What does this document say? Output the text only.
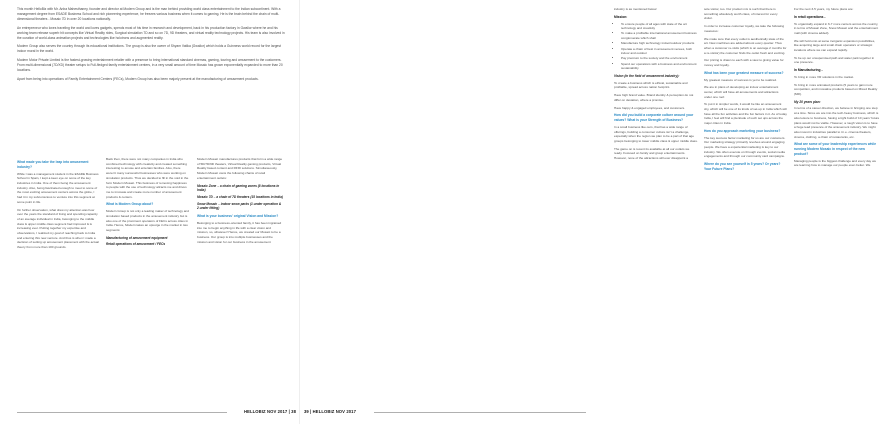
This month HelloBiz with Mr. Anba Mahesthaney, founder and director at Modern Group and is the man behind providing world class entertainment to the Indian subcontinent. With a management degree from ESADE Business School and rich pioneering experience, he freezes various business when it comes to gaming. He is the brain behind the chain of multi-dimensional theaters - Mosaic 7D in over 20 locations nationally.

An entrepreneur who loves traveling the world and loves gadgets, spends most of his time in research and development, back in his production factory in Gwalior where he and his working team release superb hit concepts like Virtual Reality rides, Surgical simulation 7D and so on 7D, 9D theaters, and virtual reality technology projects. His team is also involved in the curation of world-class animation projects and technologies like holotrons and augmented reality.

Modern Group also serves the country through its educational institutions. The group is also the owner of Shyam Vatika (Gwalior) which holds a Guinness world record for the largest indoor mural in the world.

Modern Motor Private Limited is the fastest-growing entertainment retailer with a presence to bring international standard cinemas, gaming, touring and amusement to the customers. From multi-dimensional (7D/XD) theater setups to Full-fledged family entertainment centers, in a very small amount of time Mosaic has grown exponentially expanded to more than 20 locations.

Apart from being into operations of Family Entertainment Centers (FECs), Modern Group has also been majorly present at the manufacturing of amusement products.

What made you take the leap into amusement industry?

While I was a management student in the ESADE Business School in Spain, I kept a keen eye on some of the key industries in India. One of them being the amusement industry. Also, being fascinated enough to meet to some of the most exciting amusement centers across the globe, I had it in my subconscious to venture into this segment at some point in life.

On further observation, what drew my attention was how over the years the standard of living and spending capacity of an average individual in India, belonging to the middle class & upper middle class segment had improved & is increasing ever. Putting together my expertise and observations, I realized my goal of reaching back to India and entering this new venture. And thus is when I made a decision of setting up amusement placement with the actual theory from more than 100 grounds.

Back then, there were not many companies in India who combined technology with creativity and created something interesting to amuse and entertain families. Also, there weren't many successful businesses who were working on simulation products. Thus we decided to fill in the void in the form Modern Mosaic. This business of removing happiness to people with the use of technology attracts me and drives me to innovate and create more number of amusement products & centers.

What is Modern Group about?

Modern Group is not only a leading maker of technology and simulation based products in the amusement industry but is also one of the prominent operators of FECs across cities in India. Hence, Modern takes an upsurge in the market in two segments:

Manufacturing of amusement equipment
Retail operations of amusement / FECs

Modern Mosaic manufactures products that form a wide range of 5D/7D/9D theaters, Virtual Reality gaming products, Virtual Reality based content and RFID solutions. Simultaneously, Modern Mosaic owns the following chains of retail entertainment outlets:

Mosaic Zone – a chain of gaming zones (8 locations in India)
Mosaic 7D – a chain of 7D theaters (15 locations in India)
Snow Mosaic – indoor snow parks (1 under operation & 2 under fitting)
What is your business' original Vision and Mission?

Belonging to a business-oriented family, it has been ingrained into me to begin anything in life with a clear vision and mission, so, whatever! Hence, we created our Mosaic to be a business. Our group is into multiple businesses and the mission and vision for our business in the amusement

industry is as mentioned below:

Mission:
• To ensure people of all ages with state of the art technology and creativity
• To make a profitable international amusement business conglomerate which shall
• Manufacture high technology indoor/outdoor products
• Operate a chain of best in amusement venues, both indoor and outdoor
• Pay premium to the society and the environment
• Spend our operations with a business and environment sustainability
Vision (in the field of amusement industry):

To create a business which is ethical, sustainable and profitable, spread across nation footprint.

Have high brand value. Brand identity & perception do not differ on deviation, where a promise.

Have happy & engaged employees, and customers.

How did you build a corporate culture around your values? What is your Strength of Business?

In a small business like ours, that has a wide range of offerings, building a consumer culture isn't a challenge, especially when the region we plan to be a part of that age groups belonging to lower middle class & upper middle class.

The game on is recent its available at all our outlets we ready. Focused on family and group entertainments. However, none of the attractions will ever disappoint a

sole visitor, too. Our product mix is such that there is something absolutely worth class, of interest for every visitor.

In order to increase customer loyalty, we take the following measures:

We make sure that every outlet is aesthetically state of the art. New machines are added almost every quarter. Thus when a customer re-visits (which is on average 2 months for a re-visitor) the customer finds the outlet fresh and exciting.

Our pricing is drawn to each with a view to giving value for money and loyalty.

What has been your greatest measure of success?

My greatest measure of success is yet to be realized.

We are in plans of developing an indoor entertainment center, which will have all amusements and attractions under one roof.

To put it in simpler words, it would be like an amusement city, which will be one of its kinds of set-up in India which will have all the fun activities and the fun factors in it. As of today India, I feel will find a plenitude of such set ups across the major cities in India.

How do you approach marketing your business?

The key success factor marketing for us are our customers. Our marketing strategy primarily revolves around engaging people. We have a experiential marketing is key to our industry. We often execute on through events, social media engagements and through our community card campaigns.

Where do you see yourself in 5 years? Or years? Your Future Plans?

For the next 3-5 years, my future plans are:

In retail operations -

To organically expand in 6-7 more centers across the country, in terms of Mosaic Zone, Snow Mosaic and the entertainment mall (with cinema added).

We will hold onto at same inorganic expansion possibilities, like acquiring large and small chain operators or strategic locations where we can expand rapidly.

To be up our unsupervised path and water park together in one presence.

In Manufacturing -

To bring in more VR solutions in the market.

To bring in more animated products (5 years to gain more competition, and innovative products based on Mixed Reality (MR).

My 20 years plan:

In terms of a career direction, we believe in bringing one step at a time. Since we are into the tech-heavy business, which is also leisure to business, having a tight build of 10 years' future plans would not be viable. However, a rough vision is to have a huge lead presence of the amusement industry. We might also invest in industries parallel to it i.e. cinema theaters, cinema, clothing, a chain of restaurants, etc.

What are some of your leadership experiences while running Modern Mosaic in respect of the new product?

Managing people is the biggest challenge and every day we are learning how to manage our people even better. We

HELLOBIZ NOV 2017 | 38 39 | HELLOBIZ NOV 2017
